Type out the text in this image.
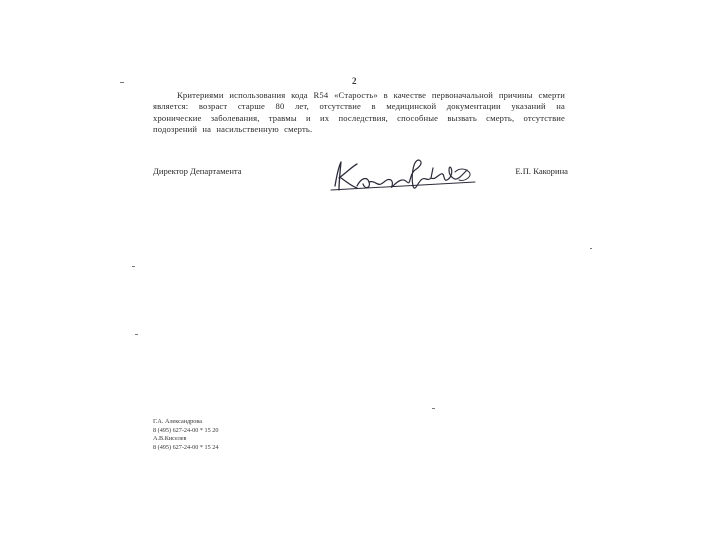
2
Критериями использования кода R54 «Старость» в качестве первоначальной причины смерти является: возраст старше 80 лет, отсутствие в медицинской документации указаний на хронические заболевания, травмы и их последствия, способные вызвать смерть, отсутствие подозрений на насильственную смерть.
Директор Департамента	Е.П. Какорина
Г.А. Александрова
8 (495) 627-24-00 * 15 20
А.В.Киселев
8 (495) 627-24-00 * 15 24
